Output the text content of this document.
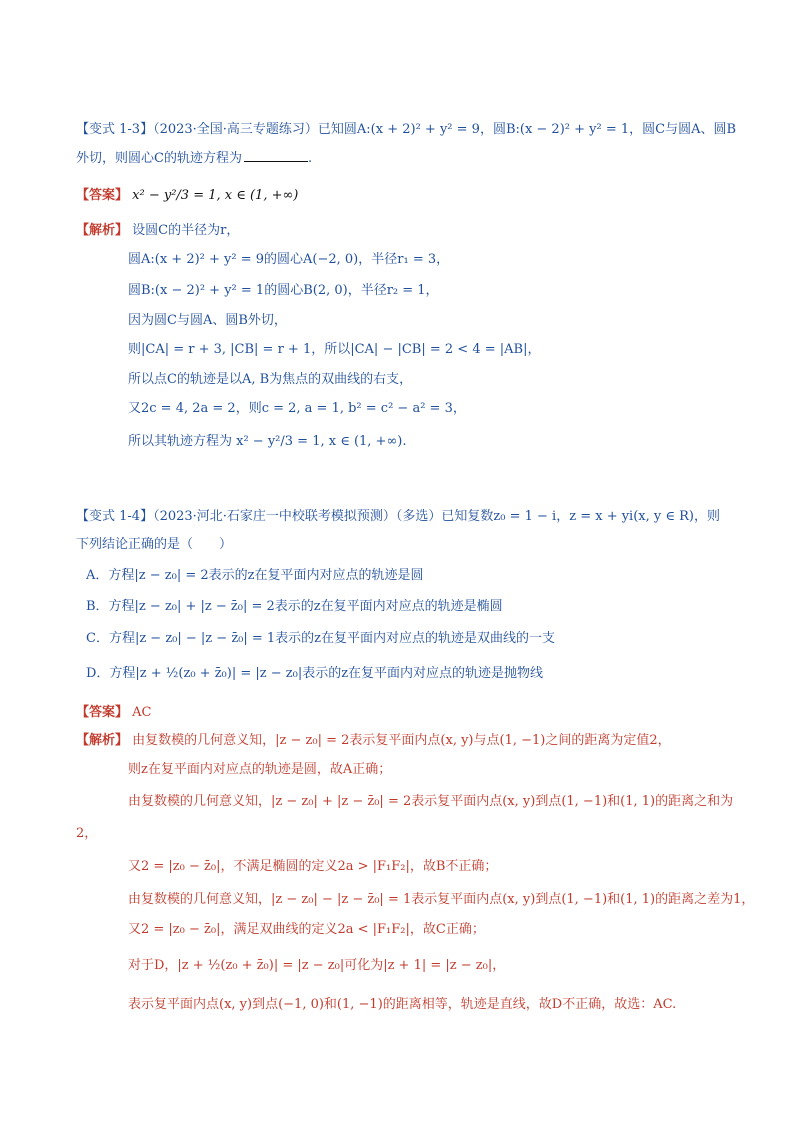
【变式 1-3】（2023·全国·高三专题练习）已知圆A:(x + 2)² + y² = 9，圆B:(x − 2)² + y² = 1，圆C与圆A、圆B
外切，则圆心C的轨迹方程为	.
【答案】 x² − y²/3 = 1, x ∈ (1, +∞)
【解析】 设圆C的半径为r，
圆A:(x + 2)² + y² = 9的圆心A(−2, 0)，半径r₁ = 3，
圆B:(x − 2)² + y² = 1的圆心B(2, 0)，半径r₂ = 1，
因为圆C与圆A、圆B外切，
则|CA| = r + 3, |CB| = r + 1，所以|CA| − |CB| = 2 < 4 = |AB|，
所以点C的轨迹是以A, B为焦点的双曲线的右支，
又2c = 4, 2a = 2，则c = 2, a = 1, b² = c² − a² = 3，
所以其轨迹方程为 x² − y²/3 = 1, x ∈ (1, +∞).
【变式 1-4】（2023·河北·石家庄一中校联考模拟预测）（多选）已知复数z₀ = 1 − i，z = x + yi(x, y ∈ R)，则
下列结论正确的是（　　）
A．方程|z − z₀| = 2表示的z在复平面内对应点的轨迹是圆
B．方程|z − z₀| + |z − z̄₀| = 2表示的z在复平面内对应点的轨迹是椭圆
C．方程|z − z₀| − |z − z̄₀| = 1表示的z在复平面内对应点的轨迹是双曲线的一支
D．方程|z + ½(z₀ + z̄₀)| = |z − z₀|表示的z在复平面内对应点的轨迹是抛物线
【答案】 AC
【解析】 由复数模的几何意义知，|z − z₀| = 2表示复平面内点(x, y)与点(1, −1)之间的距离为定值2，
则z在复平面内对应点的轨迹是圆，故A正确；
由复数模的几何意义知，|z − z₀| + |z − z̄₀| = 2表示复平面内点(x, y)到点(1, −1)和(1, 1)的距离之和为
2，
又2 = |z₀ − z̄₀|，不满足椭圆的定义2a > |F₁F₂|，故B不正确；
由复数模的几何意义知，|z − z₀| − |z − z̄₀| = 1表示复平面内点(x, y)到点(1, −1)和(1, 1)的距离之差为1，
又2 = |z₀ − z̄₀|，满足双曲线的定义2a < |F₁F₂|，故C正确；
对于D，|z + ½(z₀ + z̄₀)| = |z − z₀|可化为|z + 1| = |z − z₀|，
表示复平面内点(x, y)到点(−1, 0)和(1, −1)的距离相等，轨迹是直线，故D不正确，故选：AC.
